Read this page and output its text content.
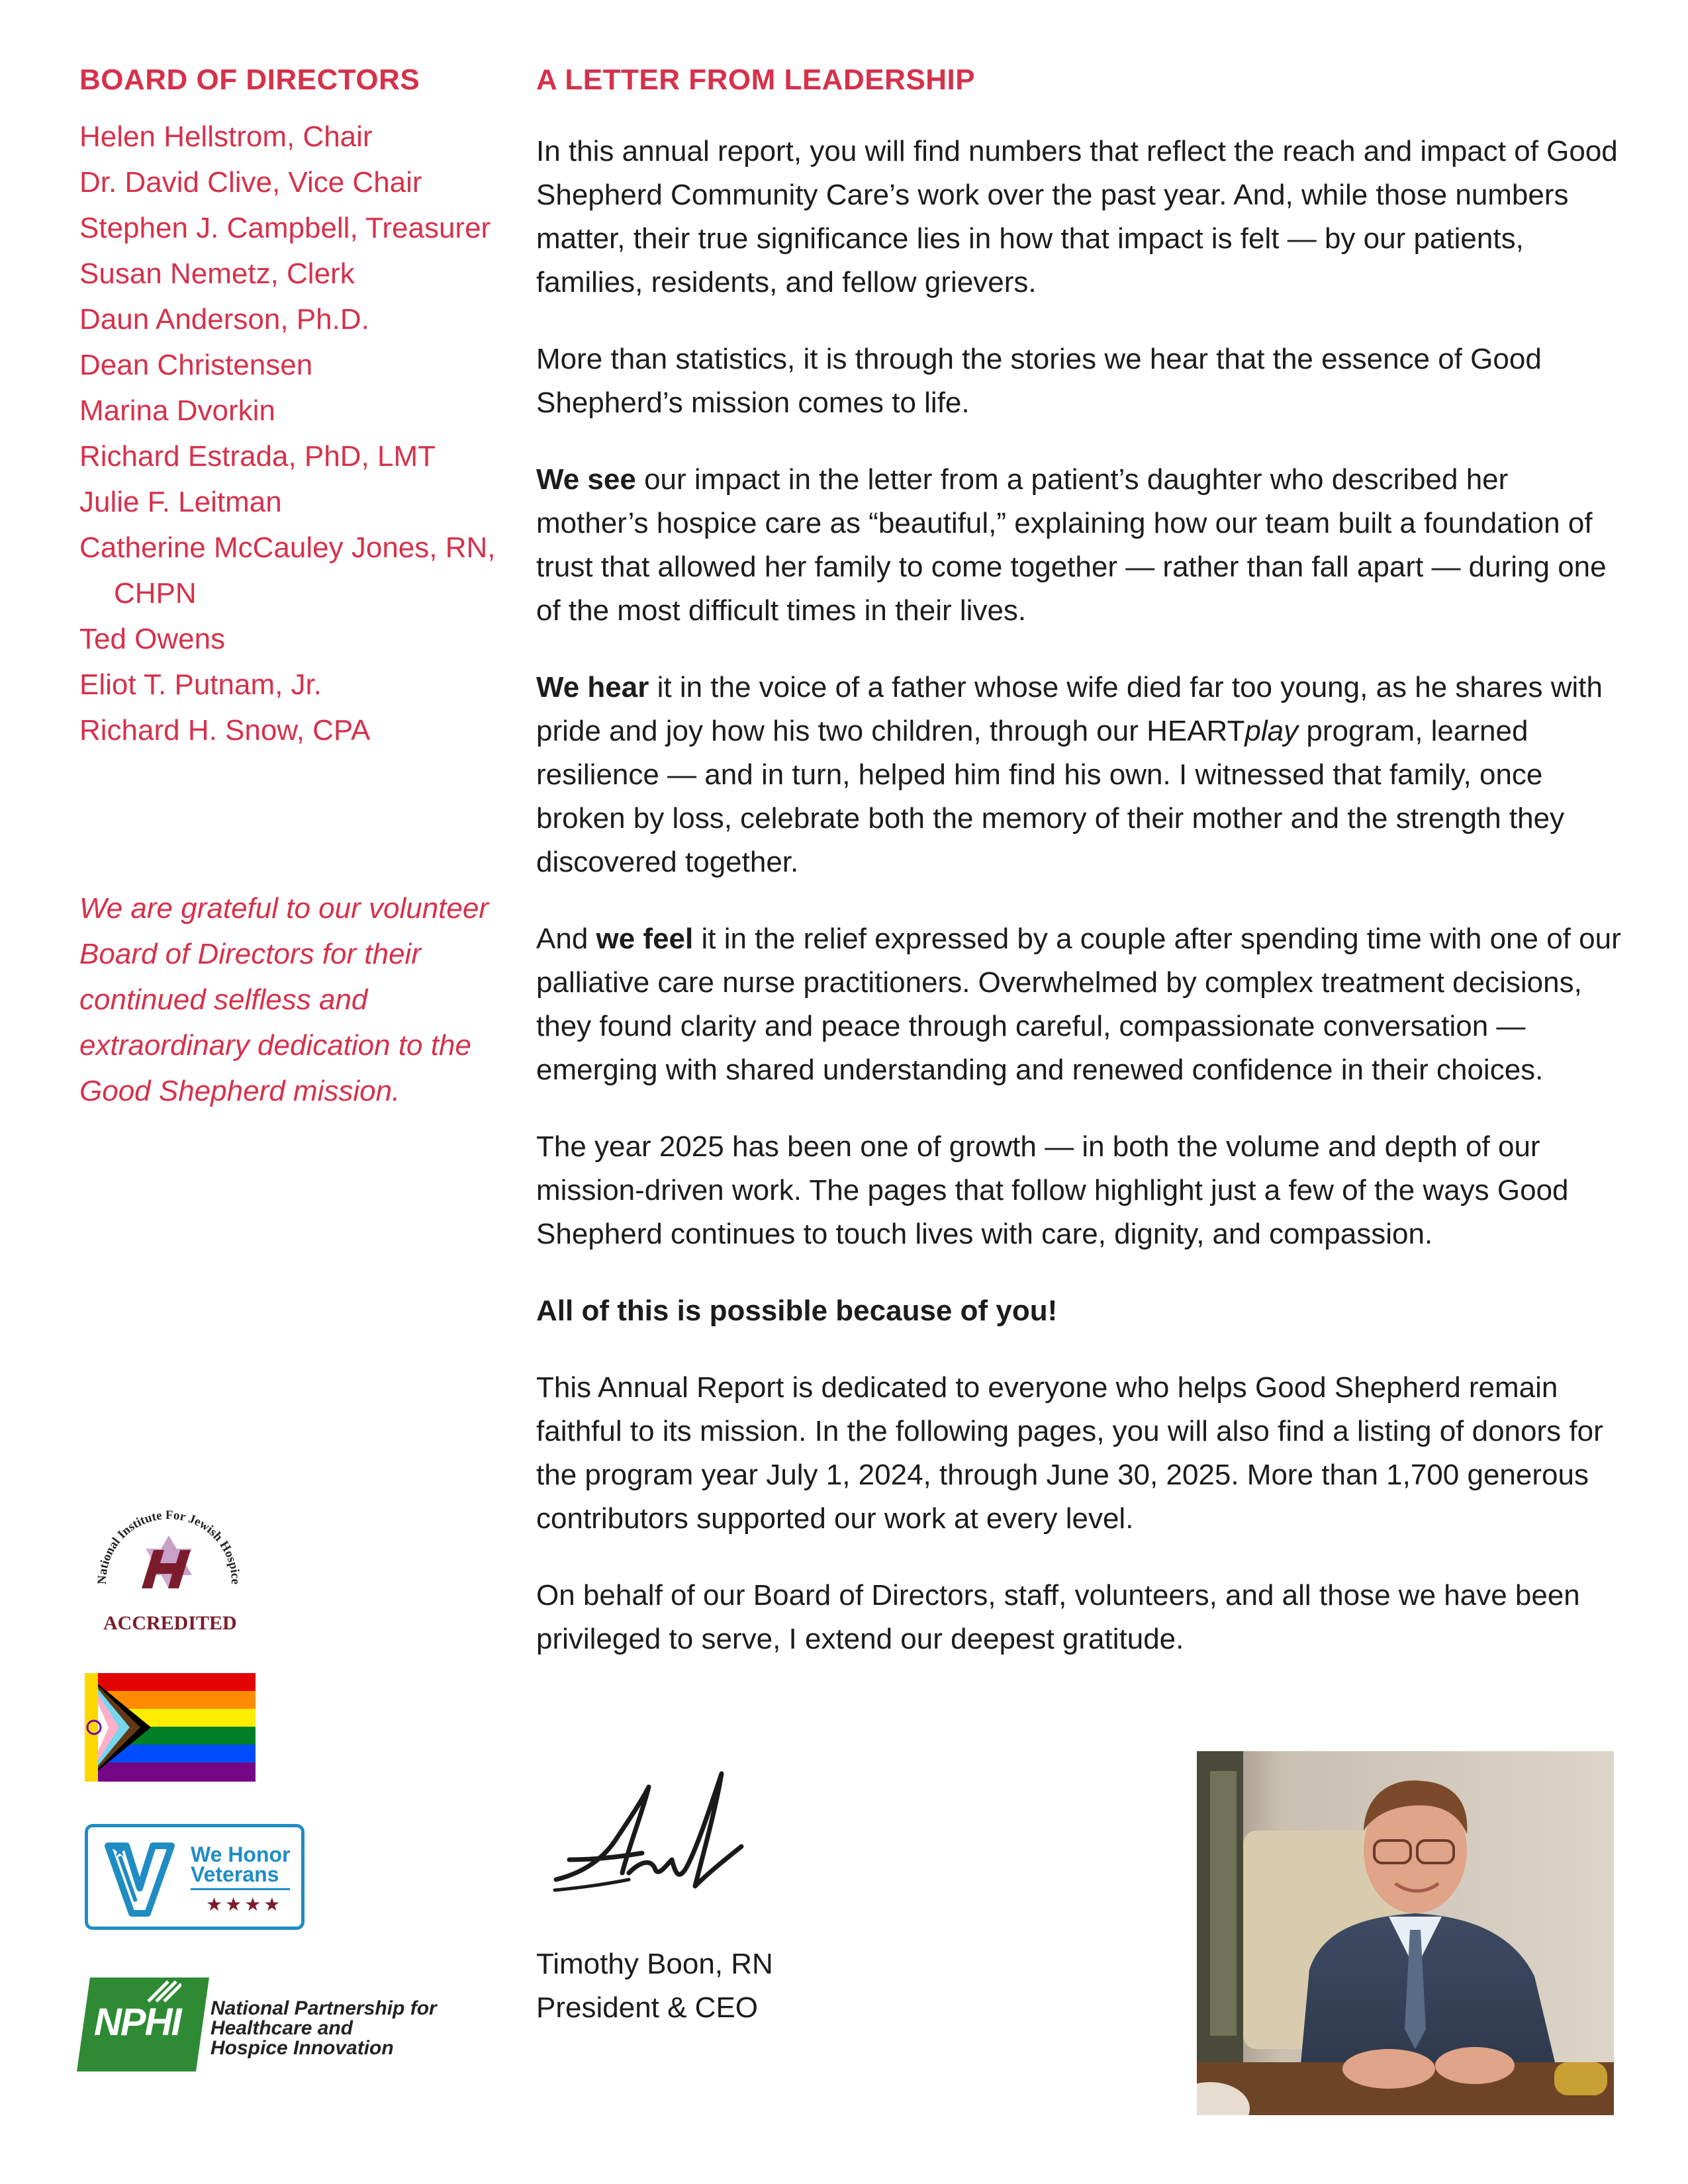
BOARD OF DIRECTORS
Helen Hellstrom, Chair
Dr. David Clive, Vice Chair
Stephen J. Campbell, Treasurer
Susan Nemetz, Clerk
Daun Anderson, Ph.D.
Dean Christensen
Marina Dvorkin
Richard Estrada, PhD, LMT
Julie F. Leitman
Catherine McCauley Jones, RN, CHPN
Ted Owens
Eliot T. Putnam, Jr.
Richard H. Snow, CPA
We are grateful to our volunteer Board of Directors for their continued selfless and extraordinary dedication to the Good Shepherd mission.
National Institute For Jewish Hospice
ACCREDITED
★	We Honor
Veterans
★★★★
NPHI National Partnership for
Healthcare and
Hospice Innovation
A LETTER FROM LEADERSHIP

In this annual report, you will find numbers that reflect the reach and impact of Good Shepherd Community Care’s work over the past year. And, while those numbers matter, their true significance lies in how that impact is felt — by our patients, families, residents, and fellow grievers.

More than statistics, it is through the stories we hear that the essence of Good Shepherd’s mission comes to life.

We see our impact in the letter from a patient’s daughter who described her mother’s hospice care as “beautiful,” explaining how our team built a foundation of trust that allowed her family to come together — rather than fall apart — during one of the most difficult times in their lives.

We hear it in the voice of a father whose wife died far too young, as he shares with pride and joy how his two children, through our HEARTplay program, learned resilience — and in turn, helped him find his own. I witnessed that family, once broken by loss, celebrate both the memory of their mother and the strength they discovered together.

And we feel it in the relief expressed by a couple after spending time with one of our palliative care nurse practitioners. Overwhelmed by complex treatment decisions, they found clarity and peace through careful, compassionate conversation — emerging with shared understanding and renewed confidence in their choices.

The year 2025 has been one of growth — in both the volume and depth of our mission-driven work. The pages that follow highlight just a few of the ways Good Shepherd continues to touch lives with care, dignity, and compassion.

All of this is possible because of you!

This Annual Report is dedicated to everyone who helps Good Shepherd remain faithful to its mission. In the following pages, you will also find a listing of donors for the program year July 1, 2024, through June 30, 2025. More than 1,700 generous contributors supported our work at every level.

On behalf of our Board of Directors, staff, volunteers, and all those we have been privileged to serve, I extend our deepest gratitude.

Timothy Boon, RN
President & CEO
